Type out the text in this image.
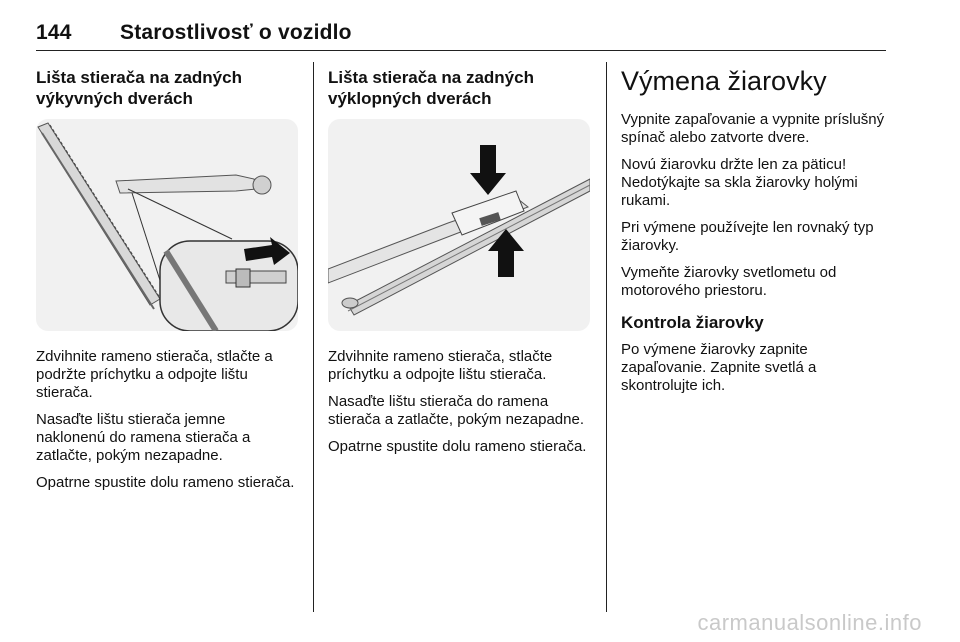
144 Starostlivosť o vozidlo
Lišta stierača na zadných výkyvných dverách

Zdvihnite rameno stierača, stlačte a podržte príchytku a odpojte lištu stierača.

Nasaďte lištu stierača jemne naklonenú do ramena stierača a zatlačte, pokým nezapadne.

Opatrne spustite dolu rameno stierača.

Lišta stierača na zadných výklopných dverách

Zdvihnite rameno stierača, stlačte príchytku a odpojte lištu stierača.

Nasaďte lištu stierača do ramena stierača a zatlačte, pokým nezapadne.

Opatrne spustite dolu rameno stierača.

Výmena žiarovky

Vypnite zapaľovanie a vypnite príslušný spínač alebo zatvorte dvere.

Novú žiarovku držte len za päticu! Nedotýkajte sa skla žiarovky holými rukami.

Pri výmene používejte len rovnaký typ žiarovky.

Vymeňte žiarovky svetlometu od motorového priestoru.

Kontrola žiarovky

Po výmene žiarovky zapnite zapaľovanie. Zapnite svetlá a skontrolujte ich.

carmanualsonline.info
